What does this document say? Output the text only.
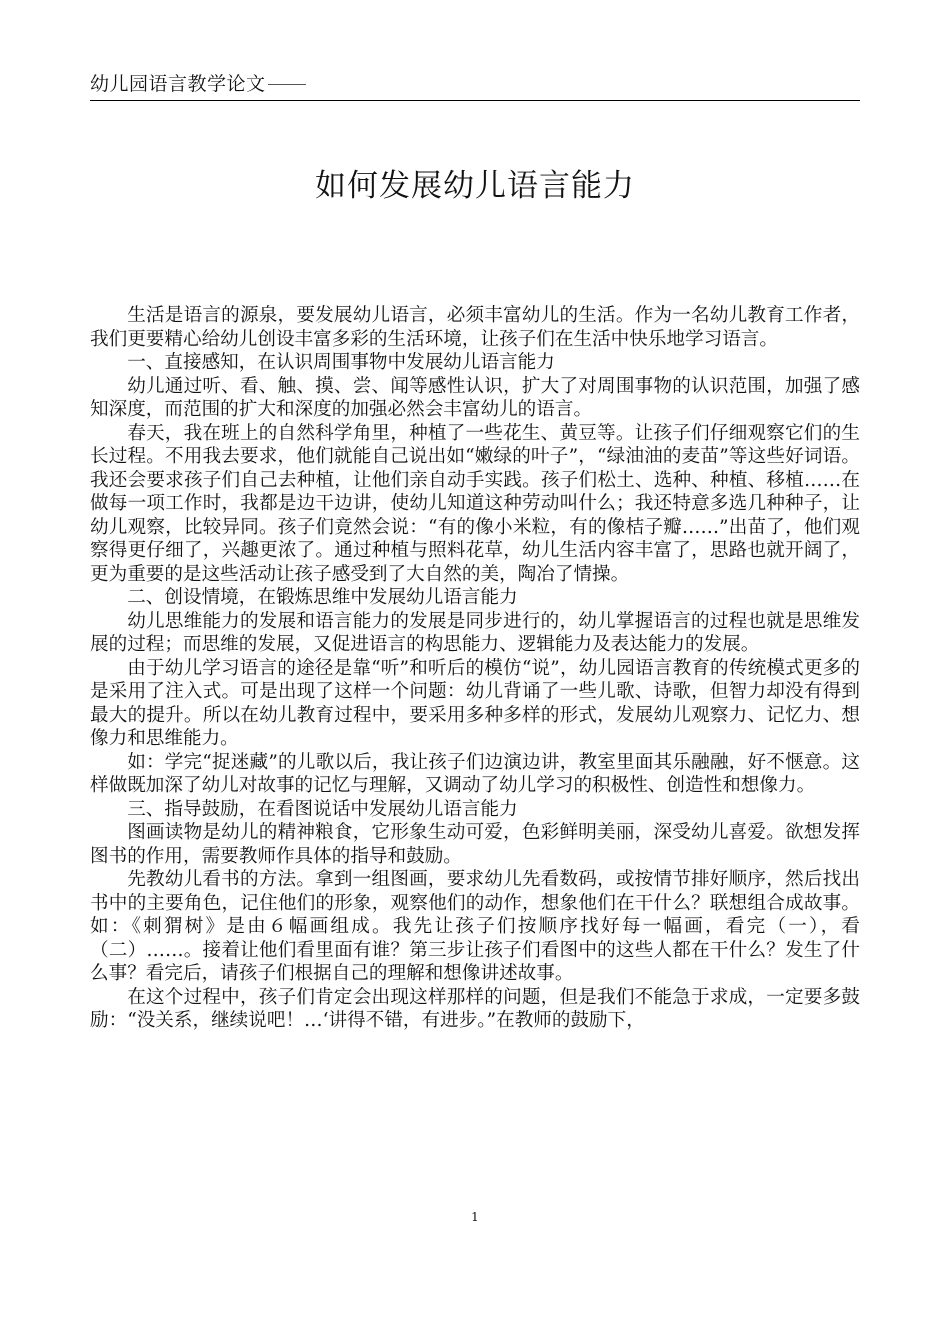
幼儿园语言教学论文
如何发展幼儿语言能力

生活是语言的源泉，要发展幼儿语言，必须丰富幼儿的生活。作为一名幼儿教育工作者，我们更要精心给幼儿创设丰富多彩的生活环境，让孩子们在生活中快乐地学习语言。

一、直接感知，在认识周围事物中发展幼儿语言能力

幼儿通过听、看、触、摸、尝、闻等感性认识，扩大了对周围事物的认识范围，加强了感知深度，而范围的扩大和深度的加强必然会丰富幼儿的语言。

春天，我在班上的自然科学角里，种植了一些花生、黄豆等。让孩子们仔细观察它们的生长过程。不用我去要求，他们就能自己说出如“嫩绿的叶子”，“绿油油的麦苗”等这些好词语。我还会要求孩子们自己去种植，让他们亲自动手实践。孩子们松土、选种、种植、移植……在做每一项工作时，我都是边干边讲，使幼儿知道这种劳动叫什么；我还特意多选几种种子，让幼儿观察，比较异同。孩子们竟然会说：“有的像小米粒，有的像桔子瓣……”出苗了，他们观察得更仔细了，兴趣更浓了。通过种植与照料花草，幼儿生活内容丰富了，思路也就开阔了，更为重要的是这些活动让孩子感受到了大自然的美，陶冶了情操。

二、创设情境，在锻炼思维中发展幼儿语言能力

幼儿思维能力的发展和语言能力的发展是同步进行的，幼儿掌握语言的过程也就是思维发展的过程；而思维的发展，又促进语言的构思能力、逻辑能力及表达能力的发展。

由于幼儿学习语言的途径是靠“听”和听后的模仿“说”，幼儿园语言教育的传统模式更多的是采用了注入式。可是出现了这样一个问题：幼儿背诵了一些儿歌、诗歌，但智力却没有得到最大的提升。所以在幼儿教育过程中，要采用多种多样的形式，发展幼儿观察力、记忆力、想像力和思维能力。

如：学完“捉迷藏”的儿歌以后，我让孩子们边演边讲，教室里面其乐融融，好不惬意。这样做既加深了幼儿对故事的记忆与理解，又调动了幼儿学习的积极性、创造性和想像力。

三、指导鼓励，在看图说话中发展幼儿语言能力

图画读物是幼儿的精神粮食，它形象生动可爱，色彩鲜明美丽，深受幼儿喜爱。欲想发挥图书的作用，需要教师作具体的指导和鼓励。

先教幼儿看书的方法。拿到一组图画，要求幼儿先看数码，或按情节排好顺序，然后找出书中的主要角色，记住他们的形象，观察他们的动作，想象他们在干什么？联想组合成故事。如：《刺猬树》是由６幅画组成。我先让孩子们按顺序找好每一幅画，看完（一），看（二）……。接着让他们看里面有谁？第三步让孩子们看图中的这些人都在干什么？发生了什么事？看完后，请孩子们根据自己的理解和想像讲述故事。

在这个过程中，孩子们肯定会出现这样那样的问题，但是我们不能急于求成，一定要多鼓励：“没关系，继续说吧！…‘讲得不错，有进步。”在教师的鼓励下，

1
